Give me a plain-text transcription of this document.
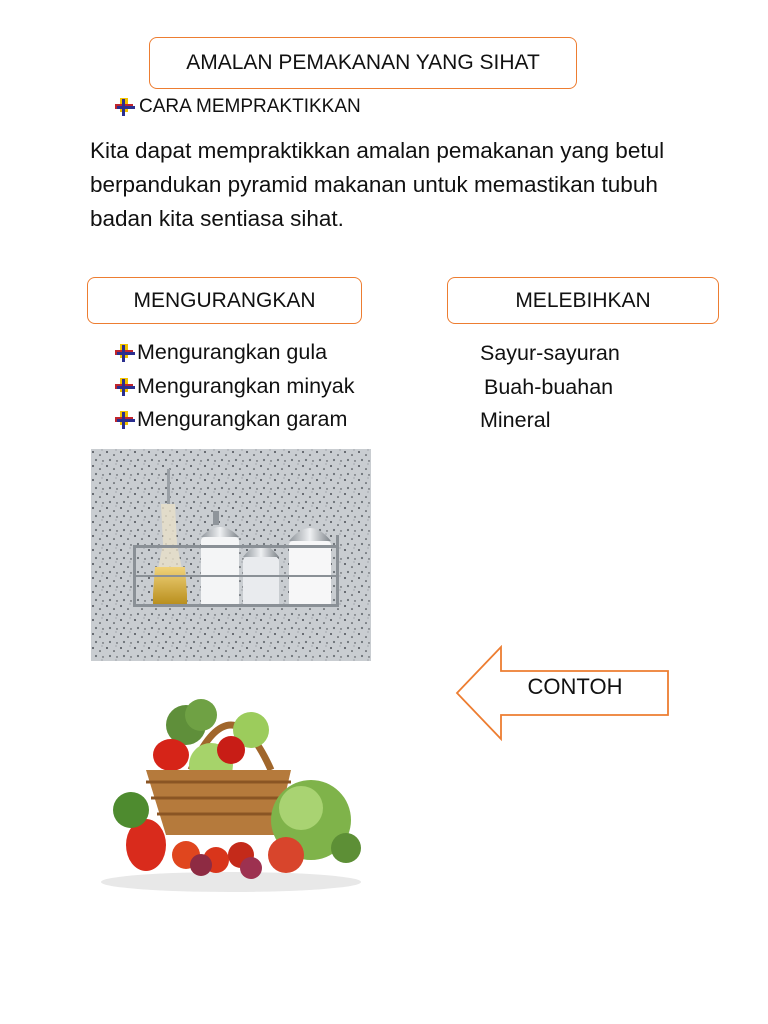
AMALAN PEMAKANAN YANG SIHAT
CARA MEMPRAKTIKKAN
Kita dapat mempraktikkan amalan pemakanan yang betul berpandukan pyramid makanan untuk memastikan tubuh badan kita sentiasa sihat.
MENGURANGKAN	MELEBIHKAN
Mengurangkan gula
Mengurangkan minyak
Mengurangkan garam
Sayur-sayuran
Buah-buahan
Mineral
CONTOH
